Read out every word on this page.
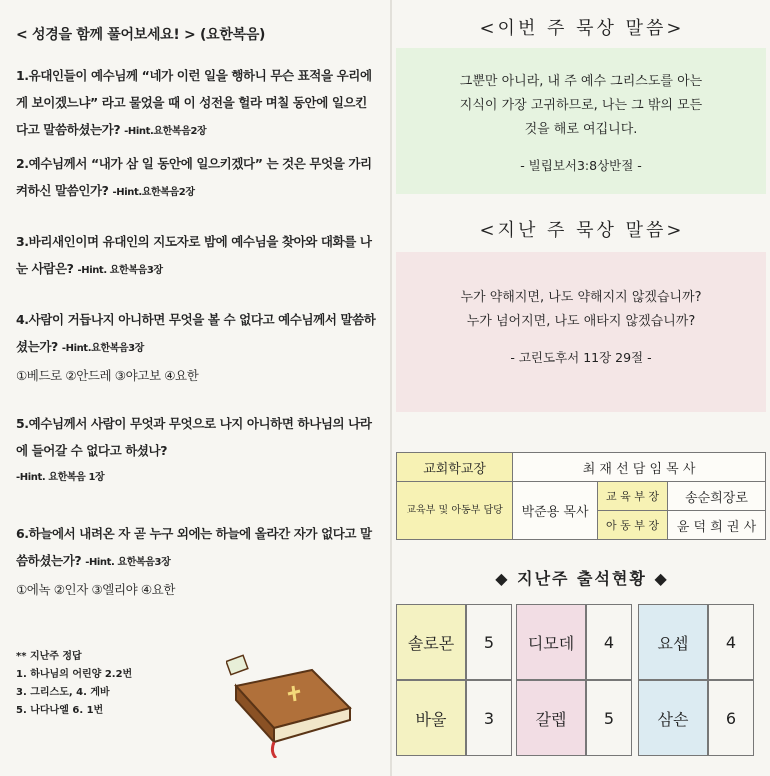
< 성경을 함께 풀어보세요! > (요한복음)
1.유대인들이 예수님께 “네가 이런 일을 행하니 무슨 표적을 우리에게 보이겠느냐” 라고 물었을 때 이 성전을 헐라 며칠 동안에 일으킨다고 말씀하셨는가? -Hint.요한복음2장
2.예수님께서 “내가 삼 일 동안에 일으키겠다” 는 것은 무엇을 가리켜하신 말씀인가? -Hint.요한복음2장
3.바리새인이며 유대인의 지도자로 밤에 예수님을 찾아와 대화를 나눈 사람은? -Hint. 요한복음3장
4.사람이 거듭나지 아니하면 무엇을 볼 수 없다고 예수님께서 말씀하셨는가? -Hint.요한복음3장
①베드로 ②안드레 ③야고보 ④요한
5.예수님께서 사람이 무엇과 무엇으로 나지 아니하면 하나님의 나라에 들어갈 수 없다고 하셨나?
-Hint. 요한복음 1장
6.하늘에서 내려온 자 곧 누구 외에는 하늘에 올라간 자가 없다고 말씀하셨는가? -Hint. 요한복음3장
①에녹 ②인자 ③엘리야 ④요한
** 지난주 정답
1. 하나님의 어린양 2.2번
3. 그리스도, 4. 게바
5. 나다나엘 6. 1번
<이번 주 묵상 말씀>
그뿐만 아니라, 내 주 예수 그리스도를 아는
지식이 가장 고귀하므로, 나는 그 밖의 모든
것을 해로 여깁니다.
- 빌립보서3:8상반절 -
<지난 주 묵상 말씀>
누가 약해지면, 나도 약해지지 않겠습니까?
누가 넘어지면, 나도 애타지 않겠습니까?
- 고린도후서 11장 29절 -
교회학교장	최 재 선 담 임 목 사		
교육부 및 아동부 담당	박준용 목사	교 육 부 장	송순희장로
		아 동 부 장	윤 덕 희 권 사
◆ 지난주 출석현황 ◆
솔로몬	5
바울	3
디모데	4
갈렙	5
요셉	4
삼손	6
